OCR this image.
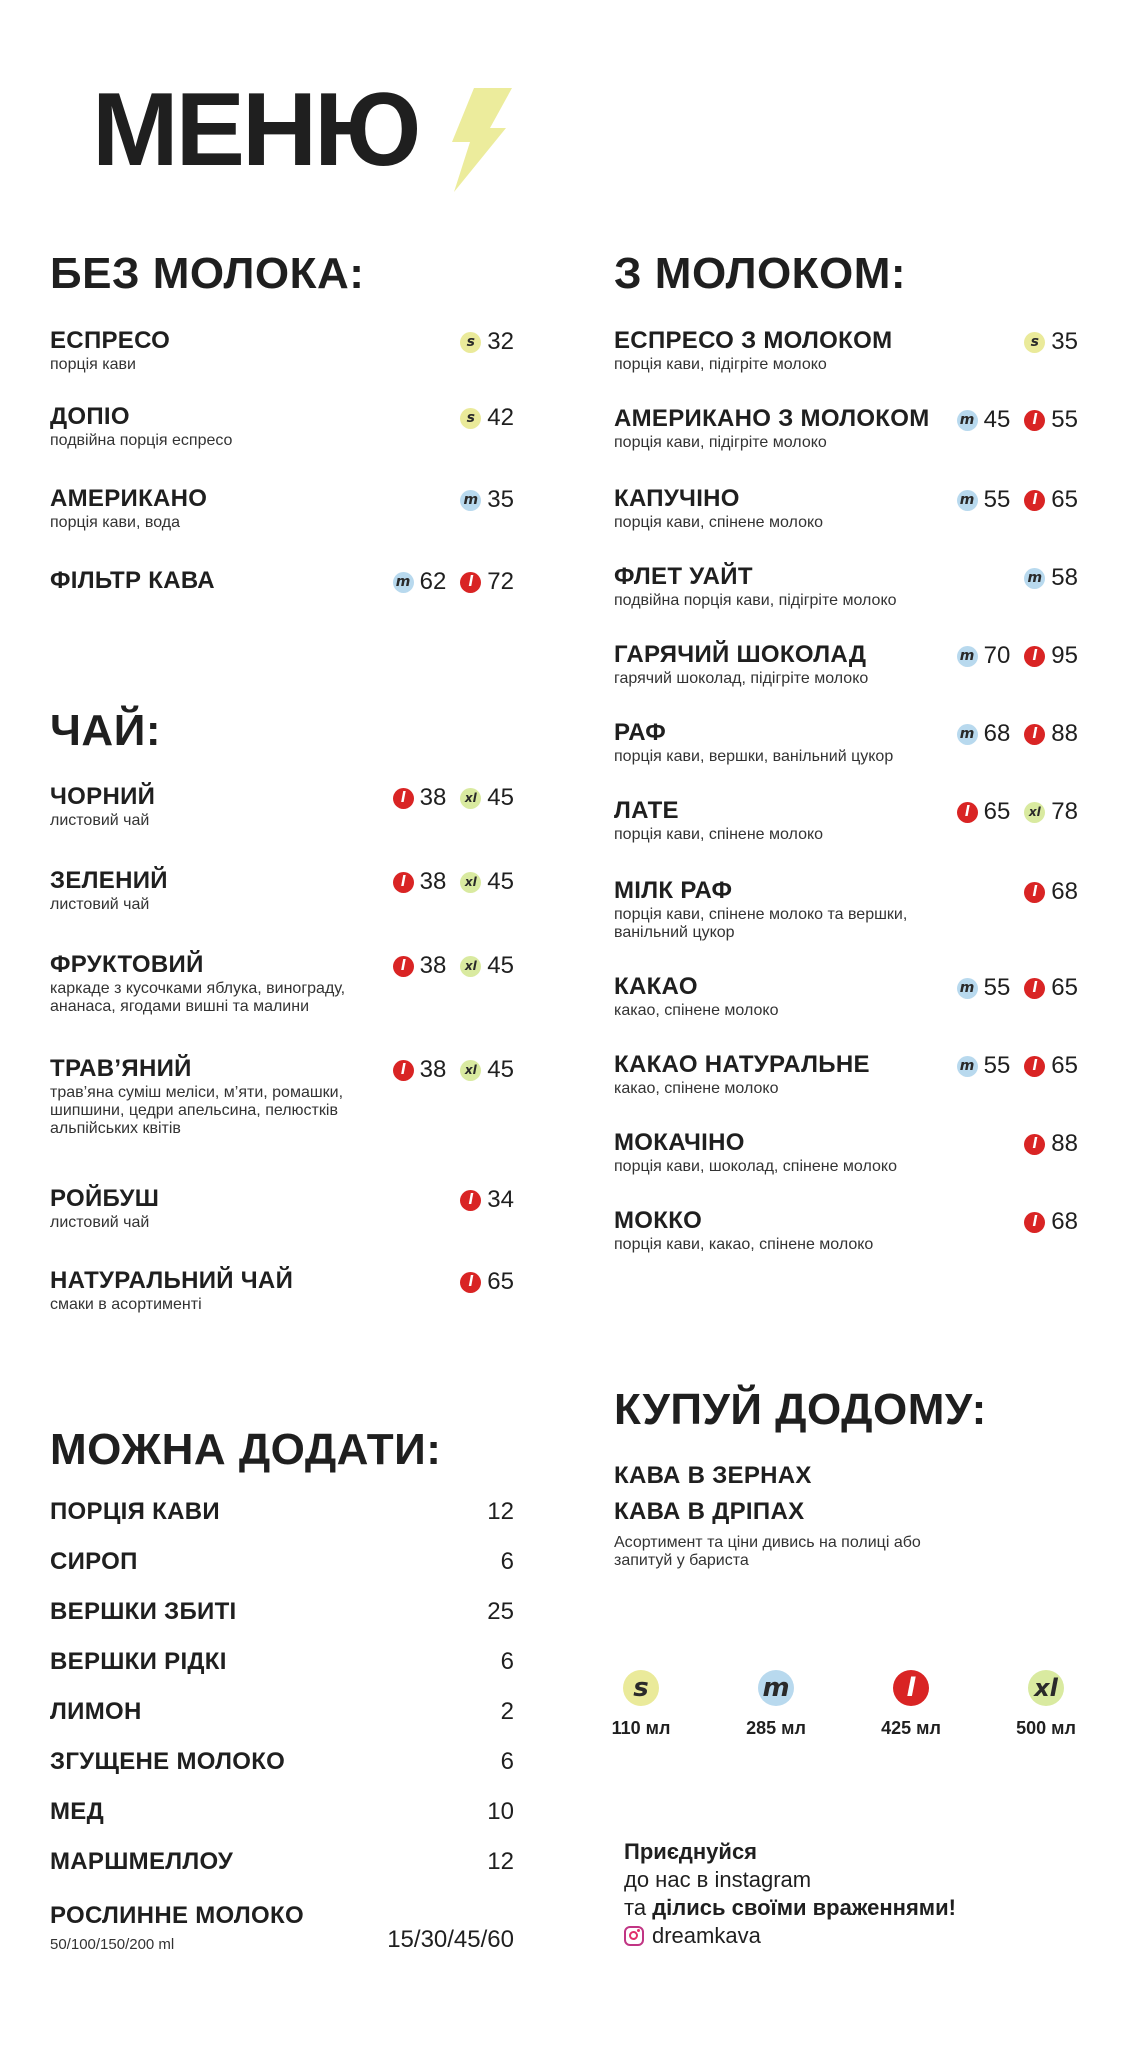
МЕНЮ
БЕЗ МОЛОКА:	З МОЛОКОМ:
ЧАЙ:
МОЖНА ДОДАТИ:
КУПУЙ ДОДОМУ:
ЕСПРЕСО
порція кави
s 32
ДОПІО
подвійна порція еспресо
s 42
АМЕРИКАНО
порція кави, вода
m 35
ФІЛЬТР КАВА	m 62	l 72
ЧОРНИЙ
листовий чай
l 38	xl 45
ЗЕЛЕНИЙ
листовий чай
l 38	xl 45
ФРУКТОВИЙ
каркаде з кусочками яблука, винограду, ананаса, ягодами вишні та малини
l 38	xl 45
ТРАВ’ЯНИЙ
трав’яна суміш меліси, м’яти, ромашки, шипшини, цедри апельсина, пелюстків альпійських квітів
l 38	xl 45
РОЙБУШ
листовий чай
l 34
НАТУРАЛЬНИЙ ЧАЙ
смаки в асортименті
l 65
ЕСПРЕСО З МОЛОКОМ
порція кави, підігріте молоко
s 35
АМЕРИКАНО З МОЛОКОМ
порція кави, підігріте молоко
m 45	l 55
КАПУЧІНО
порція кави, спінене молоко
m 55	l 65
ФЛЕТ УАЙТ
подвійна порція кави, підігріте молоко
m 58
ГАРЯЧИЙ ШОКОЛАД
гарячий шоколад, підігріте молоко
m 70	l 95
РАФ
порція кави, вершки, ванільний цукор
m 68	l 88
ЛАТЕ
порція кави, спінене молоко
l 65	xl 78
МІЛК РАФ
порція кави, спінене молоко та вершки, ванільний цукор
l 68
КАКАО
какао, спінене молоко
m 55	l 65
КАКАО НАТУРАЛЬНЕ
какао, спінене молоко
m 55	l 65
МОКАЧІНО
порція кави, шоколад, спінене молоко
l 88
МОККО
порція кави, какао, спінене молоко
l 68
РОСЛИННЕ МОЛОКО
50/100/150/200 ml	15/30/45/60
ПОРЦІЯ КАВИ	12
СИРОП	6
ВЕРШКИ ЗБИТІ	25
ВЕРШКИ РІДКІ	6
ЛИМОН	2
ЗГУЩЕНЕ МОЛОКО	6
МЕД	10
МАРШМЕЛЛОУ	12
КАВА В ЗЕРНАХ
КАВА В ДРІПАХ
Асортимент та ціни дивись на полиці або запитуй у бариста
s
110 мл
m
285 мл
l
425 мл
xl
500 мл
Приєднуйся
до нас в instagram
та ділись своїми враженнями!
dreamkava
